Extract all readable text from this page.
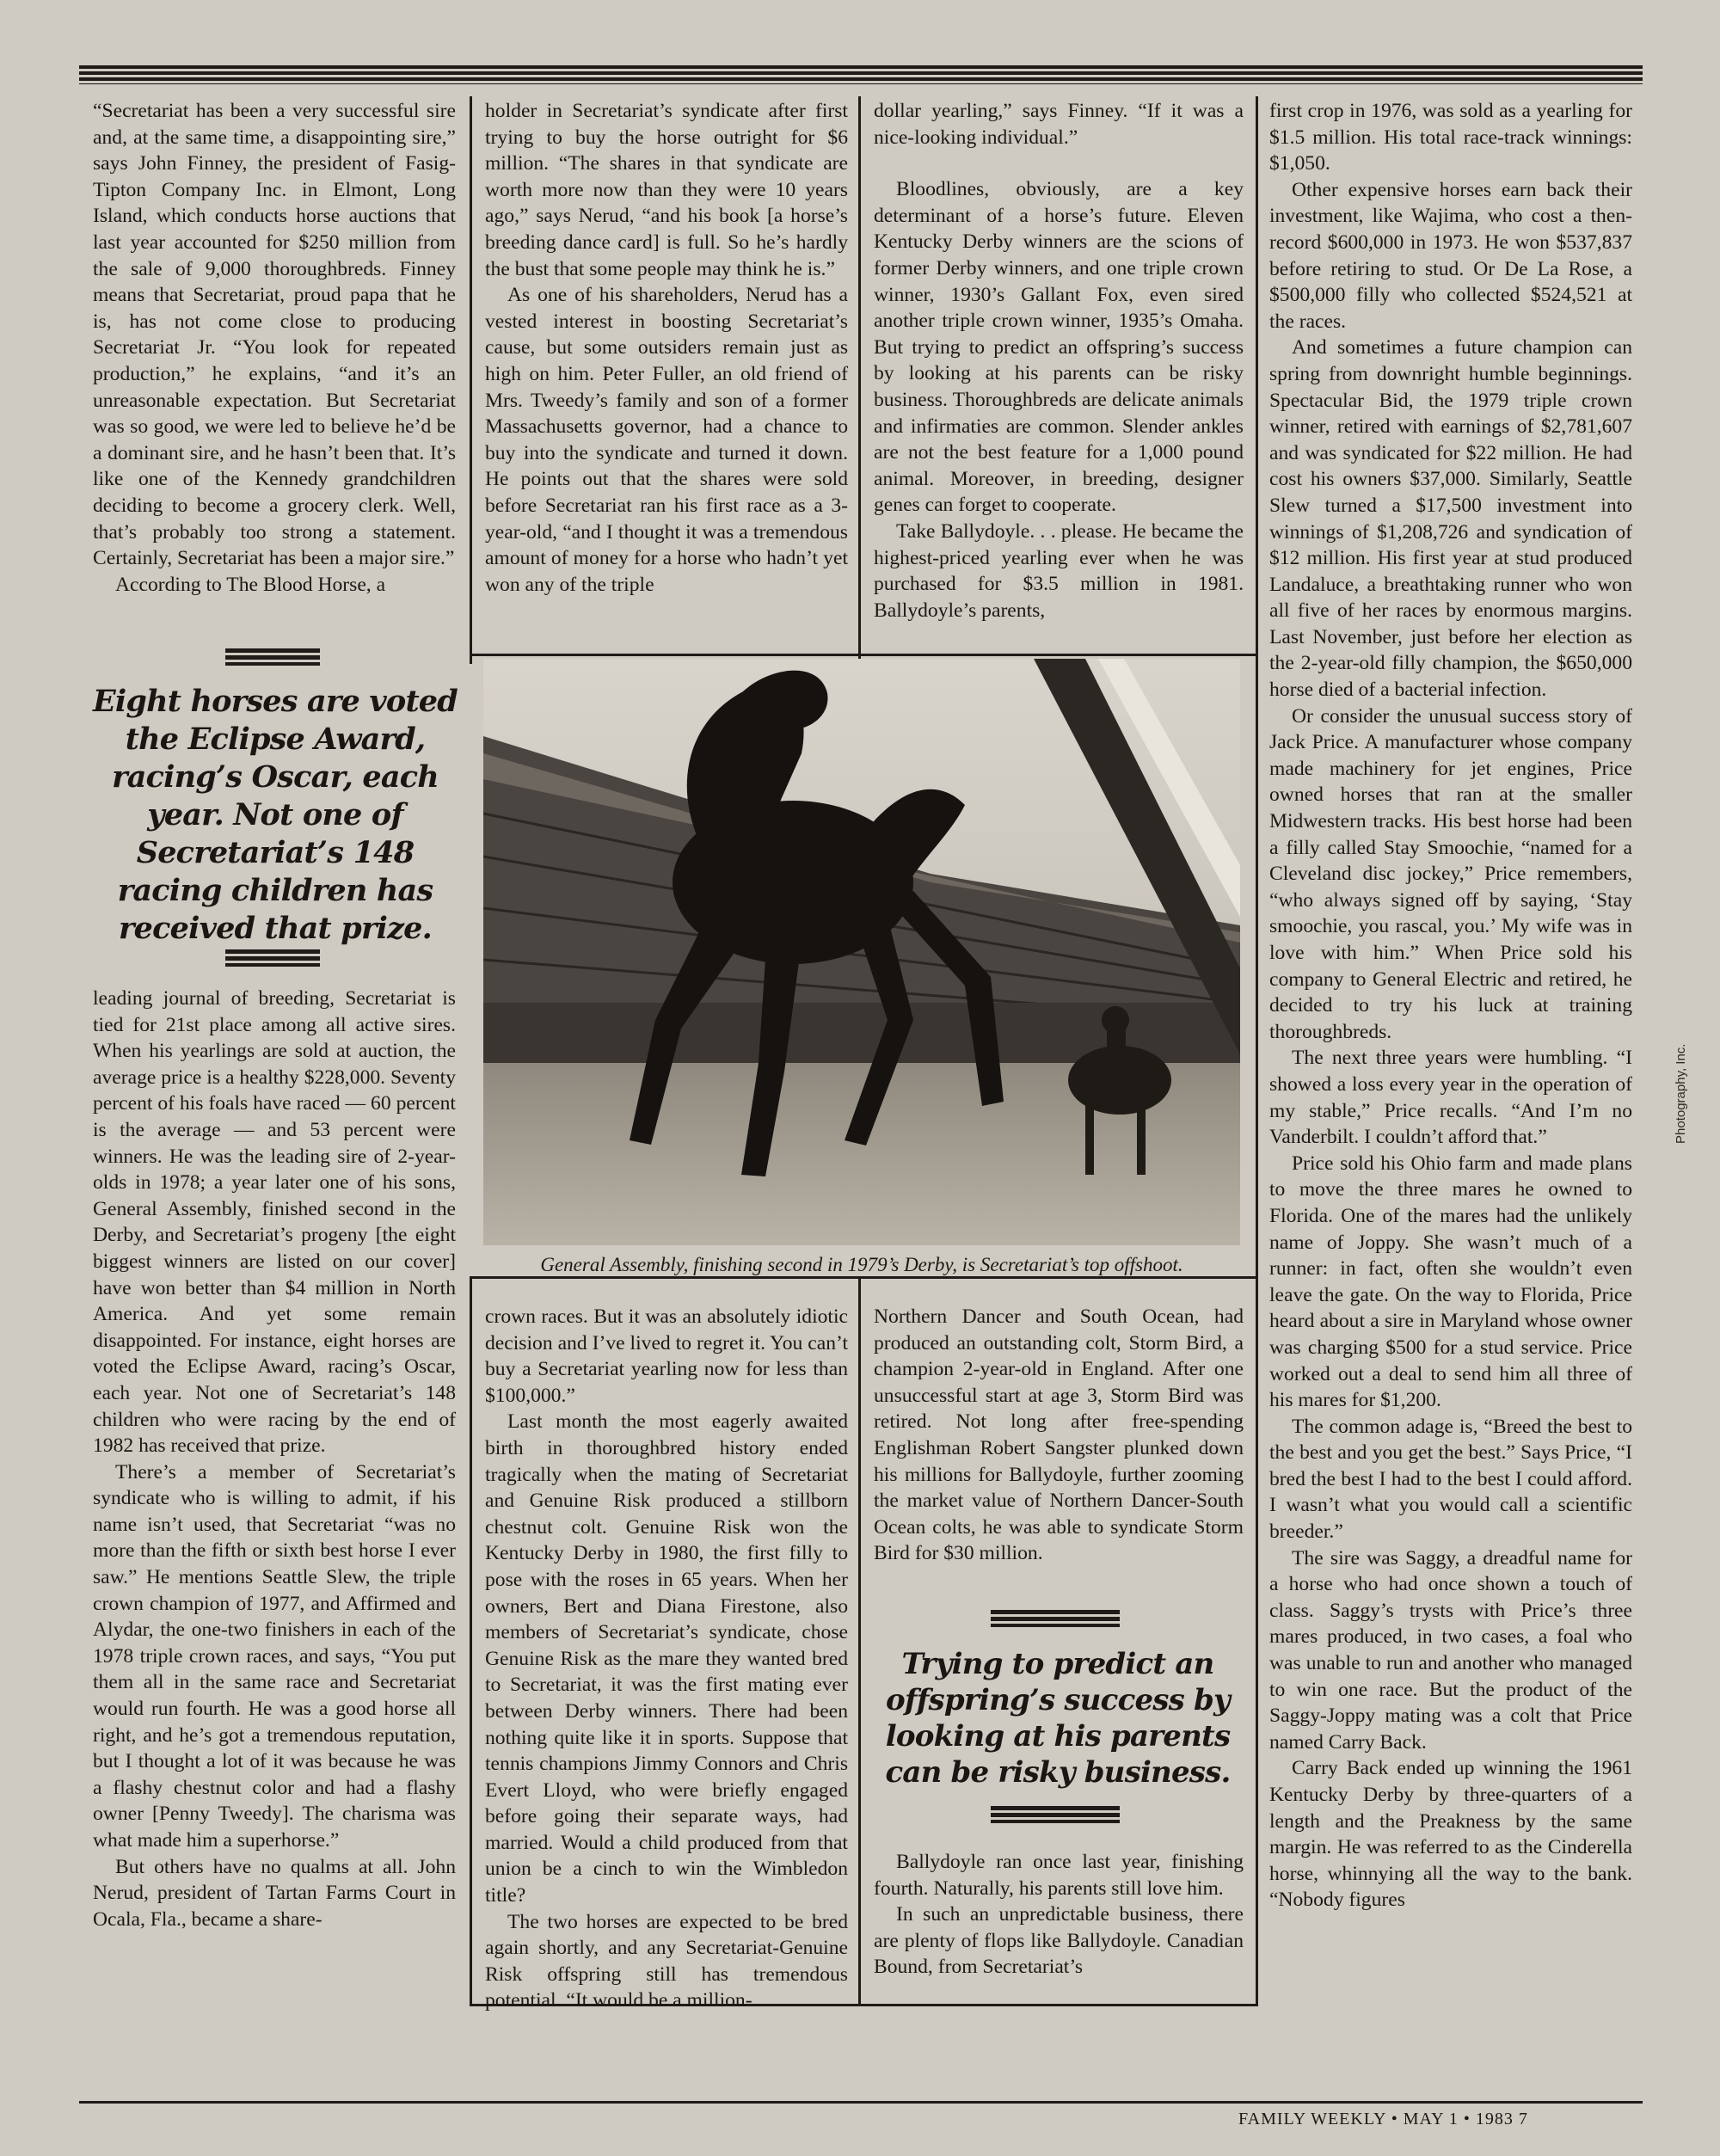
“Secretariat has been a very successful sire and, at the same time, a disappointing sire,” says John Finney, the president of Fasig-Tipton Company Inc. in Elmont, Long Island, which conducts horse auctions that last year accounted for $250 million from the sale of 9,000 thoroughbreds. Finney means that Secretariat, proud papa that he is, has not come close to producing Secretariat Jr. “You look for repeated production,” he explains, “and it’s an unreasonable expectation. But Secretariat was so good, we were led to believe he’d be a dominant sire, and he hasn’t been that. It’s like one of the Kennedy grandchildren deciding to become a grocery clerk. Well, that’s probably too strong a statement. Certainly, Secretariat has been a major sire.”

According to The Blood Horse, a

Eight horses are voted the Eclipse Award, racing’s Oscar, each year. Not one of Secretariat’s 148 racing children has received that prize.

leading journal of breeding, Secretariat is tied for 21st place among all active sires. When his yearlings are sold at auction, the average price is a healthy $228,000. Seventy percent of his foals have raced — 60 percent is the average — and 53 percent were winners. He was the leading sire of 2-year-olds in 1978; a year later one of his sons, General Assembly, finished second in the Derby, and Secretariat’s progeny [the eight biggest winners are listed on our cover] have won better than $4 million in North America. And yet some remain disappointed. For instance, eight horses are voted the Eclipse Award, racing’s Oscar, each year. Not one of Secretariat’s 148 children who were racing by the end of 1982 has received that prize.

There’s a member of Secretariat’s syndicate who is willing to admit, if his name isn’t used, that Secretariat “was no more than the fifth or sixth best horse I ever saw.” He mentions Seattle Slew, the triple crown champion of 1977, and Affirmed and Alydar, the one-two finishers in each of the 1978 triple crown races, and says, “You put them all in the same race and Secretariat would run fourth. He was a good horse all right, and he’s got a tremendous reputation, but I thought a lot of it was because he was a flashy chestnut color and had a flashy owner [Penny Tweedy]. The charisma was what made him a superhorse.”

But others have no qualms at all. John Nerud, president of Tartan Farms Court in Ocala, Fla., became a share-

holder in Secretariat’s syndicate after first trying to buy the horse outright for $6 million. “The shares in that syndicate are worth more now than they were 10 years ago,” says Nerud, “and his book [a horse’s breeding dance card] is full. So he’s hardly the bust that some people may think he is.”

As one of his shareholders, Nerud has a vested interest in boosting Secretariat’s cause, but some outsiders remain just as high on him. Peter Fuller, an old friend of Mrs. Tweedy’s family and son of a former Massachusetts governor, had a chance to buy into the syndicate and turned it down. He points out that the shares were sold before Secretariat ran his first race as a 3-year-old, “and I thought it was a tremendous amount of money for a horse who hadn’t yet won any of the triple

dollar yearling,” says Finney. “If it was a nice-looking individual.”

Bloodlines, obviously, are a key determinant of a horse’s future. Eleven Kentucky Derby winners are the scions of former Derby winners, and one triple crown winner, 1930’s Gallant Fox, even sired another triple crown winner, 1935’s Omaha. But trying to predict an offspring’s success by looking at his parents can be risky business. Thoroughbreds are delicate animals and infirmaties are common. Slender ankles are not the best feature for a 1,000 pound animal. Moreover, in breeding, designer genes can forget to cooperate.

Take Ballydoyle. . . please. He became the highest-priced yearling ever when he was purchased for $3.5 million in 1981. Ballydoyle’s parents,

General Assembly, finishing second in 1979’s Derby, is Secretariat’s top offshoot.

crown races. But it was an absolutely idiotic decision and I’ve lived to regret it. You can’t buy a Secretariat yearling now for less than $100,000.”

Last month the most eagerly awaited birth in thoroughbred history ended tragically when the mating of Secretariat and Genuine Risk produced a stillborn chestnut colt. Genuine Risk won the Kentucky Derby in 1980, the first filly to pose with the roses in 65 years. When her owners, Bert and Diana Firestone, also members of Secretariat’s syndicate, chose Genuine Risk as the mare they wanted bred to Secretariat, it was the first mating ever between Derby winners. There had been nothing quite like it in sports. Suppose that tennis champions Jimmy Connors and Chris Evert Lloyd, who were briefly engaged before going their separate ways, had married. Would a child produced from that union be a cinch to win the Wimbledon title?

The two horses are expected to be bred again shortly, and any Secretariat-Genuine Risk offspring still has tremendous potential. “It would be a million-

Northern Dancer and South Ocean, had produced an outstanding colt, Storm Bird, a champion 2-year-old in England. After one unsuccessful start at age 3, Storm Bird was retired. Not long after free-spending Englishman Robert Sangster plunked down his millions for Ballydoyle, further zooming the market value of Northern Dancer-South Ocean colts, he was able to syndicate Storm Bird for $30 million.

Trying to predict an offspring’s success by looking at his parents can be risky business.

Ballydoyle ran once last year, finishing fourth. Naturally, his parents still love him.

In such an unpredictable business, there are plenty of flops like Ballydoyle. Canadian Bound, from Secretariat’s

first crop in 1976, was sold as a yearling for $1.5 million. His total race-track winnings: $1,050.

Other expensive horses earn back their investment, like Wajima, who cost a then-record $600,000 in 1973. He won $537,837 before retiring to stud. Or De La Rose, a $500,000 filly who collected $524,521 at the races.

And sometimes a future champion can spring from downright humble beginnings. Spectacular Bid, the 1979 triple crown winner, retired with earnings of $2,781,607 and was syndicated for $22 million. He had cost his owners $37,000. Similarly, Seattle Slew turned a $17,500 investment into winnings of $1,208,726 and syndication of $12 million. His first year at stud produced Landaluce, a breathtaking runner who won all five of her races by enormous margins. Last November, just before her election as the 2-year-old filly champion, the $650,000 horse died of a bacterial infection.

Or consider the unusual success story of Jack Price. A manufacturer whose company made machinery for jet engines, Price owned horses that ran at the smaller Midwestern tracks. His best horse had been a filly called Stay Smoochie, “named for a Cleveland disc jockey,” Price remembers, “who always signed off by saying, ‘Stay smoochie, you rascal, you.’ My wife was in love with him.” When Price sold his company to General Electric and retired, he decided to try his luck at training thoroughbreds.

The next three years were humbling. “I showed a loss every year in the operation of my stable,” Price recalls. “And I’m no Vanderbilt. I couldn’t afford that.”

Price sold his Ohio farm and made plans to move the three mares he owned to Florida. One of the mares had the unlikely name of Joppy. She wasn’t much of a runner: in fact, often she wouldn’t even leave the gate. On the way to Florida, Price heard about a sire in Maryland whose owner was charging $500 for a stud service. Price worked out a deal to send him all three of his mares for $1,200.

The common adage is, “Breed the best to the best and you get the best.” Says Price, “I bred the best I had to the best I could afford. I wasn’t what you would call a scientific breeder.”

The sire was Saggy, a dreadful name for a horse who had once shown a touch of class. Saggy’s trysts with Price’s three mares produced, in two cases, a foal who was unable to run and another who managed to win one race. But the product of the Saggy-Joppy mating was a colt that Price named Carry Back.

Carry Back ended up winning the 1961 Kentucky Derby by three-quarters of a length and the Preakness by the same margin. He was referred to as the Cinderella horse, whinnying all the way to the bank. “Nobody figures

Photography, Inc.
FAMILY WEEKLY • MAY 1 • 1983 7
